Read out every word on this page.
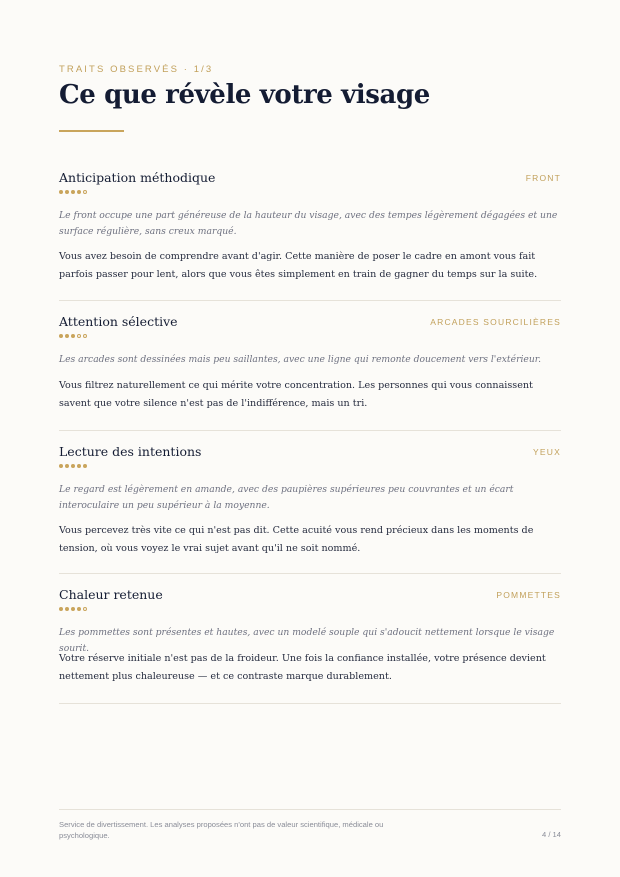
TRAITS OBSERVÉS · 1/3
Ce que révèle votre visage
Anticipation méthodique	FRONT

Le front occupe une part généreuse de la hauteur du visage, avec des tempes légèrement dégagées et une surface régulière, sans creux marqué.

Vous avez besoin de comprendre avant d'agir. Cette manière de poser le cadre en amont vous fait parfois passer pour lent, alors que vous êtes simplement en train de gagner du temps sur la suite.

Attention sélective	ARCADES SOURCILIÈRES

Les arcades sont dessinées mais peu saillantes, avec une ligne qui remonte doucement vers l'extérieur.

Vous filtrez naturellement ce qui mérite votre concentration. Les personnes qui vous connaissent savent que votre silence n'est pas de l'indifférence, mais un tri.

Lecture des intentions	YEUX

Le regard est légèrement en amande, avec des paupières supérieures peu couvrantes et un écart interoculaire un peu supérieur à la moyenne.

Vous percevez très vite ce qui n'est pas dit. Cette acuité vous rend précieux dans les moments de tension, où vous voyez le vrai sujet avant qu'il ne soit nommé.

Chaleur retenue	POMMETTES

Les pommettes sont présentes et hautes, avec un modelé souple qui s'adoucit nettement lorsque le visage sourit.

Votre réserve initiale n'est pas de la froideur. Une fois la confiance installée, votre présence devient nettement plus chaleureuse — et ce contraste marque durablement.

Service de divertissement. Les analyses proposées n'ont pas de valeur scientifique, médicale ou psychologique.	4 / 14
